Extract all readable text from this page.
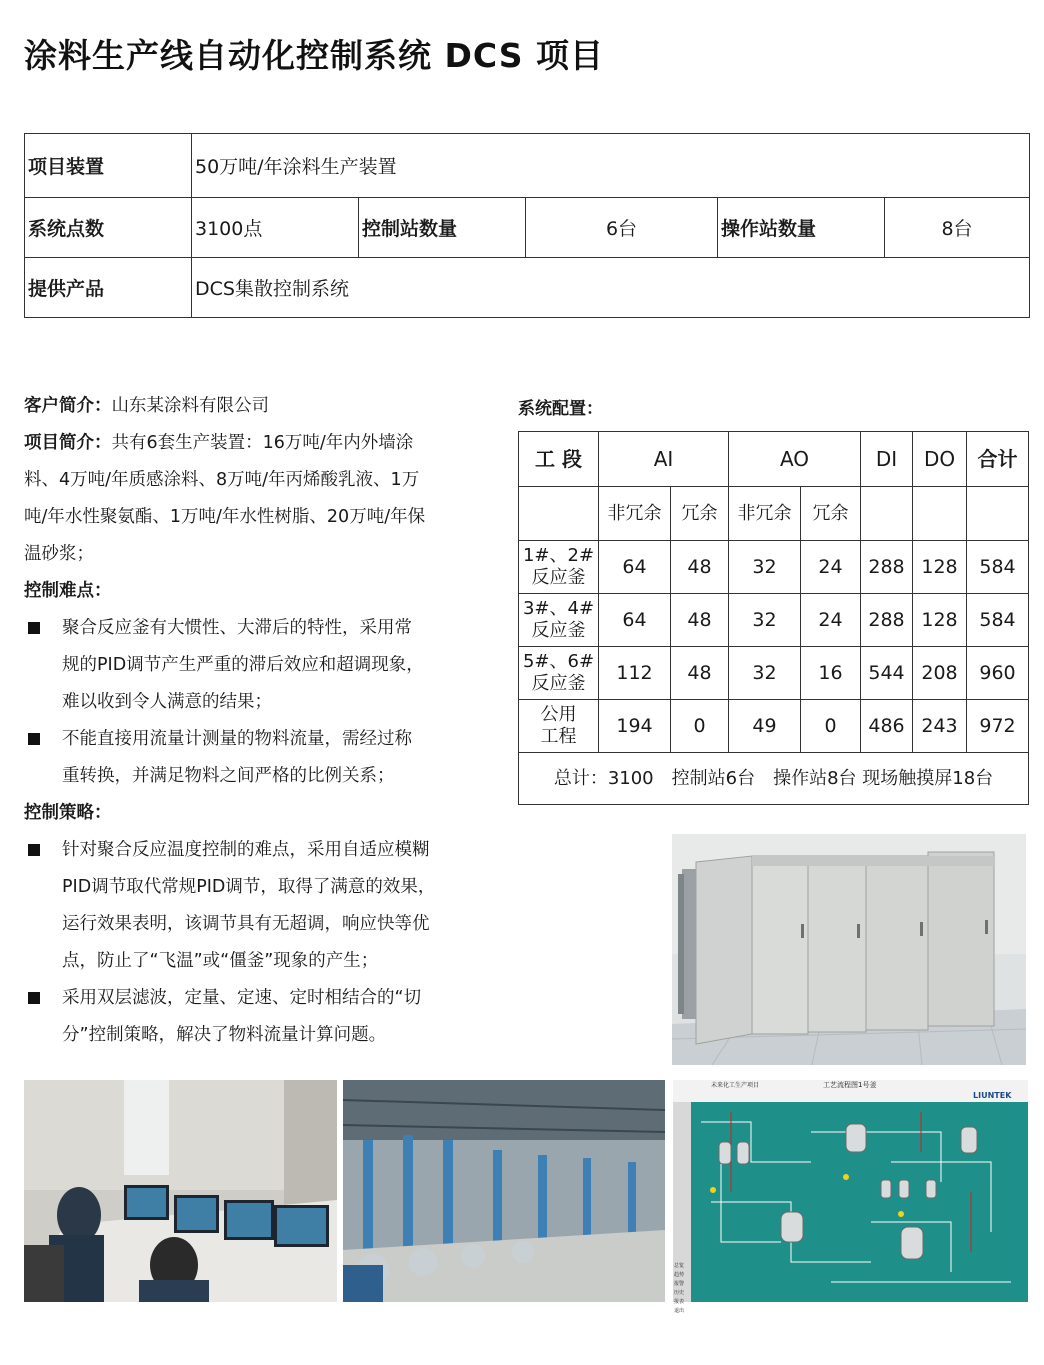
涂料生产线自动化控制系统 DCS 项目
项目装置	50万吨/年涂料生产装置				
系统点数	3100点	控制站数量	6台	操作站数量	8台
提供产品	DCS集散控制系统				

客户简介：山东某涂料有限公司

项目简介：共有6套生产装置：16万吨/年内外墙涂

料、4万吨/年质感涂料、8万吨/年丙烯酸乳液、1万

吨/年水性聚氨酯、1万吨/年水性树脂、20万吨/年保

温砂浆；

控制难点：

聚合反应釜有大惯性、大滞后的特性，采用常

规的PID调节产生严重的滞后效应和超调现象，

难以收到令人满意的结果；

不能直接用流量计测量的物料流量，需经过称

重转换，并满足物料之间严格的比例关系；

控制策略：

针对聚合反应温度控制的难点，采用自适应模糊

PID调节取代常规PID调节，取得了满意的效果，

运行效果表明，该调节具有无超调，响应快等优

点，防止了“飞温”或“僵釜”现象的产生；

采用双层滤波，定量、定速、定时相结合的“切

分”控制策略，解决了物料流量计算问题。

系统配置：
工 段	AI		AO		DI	DO	合计
	非冗余	冗余	非冗余	冗余			
1#、2#
反应釜	64	48	32	24	288	128	584
3#、4#
反应釜	64	48	32	24	288	128	584
5#、6#
反应釜	112	48	32	16	544	208	960
公用
工程	194	0	49	0	486	243	972
总计：3100　控制站6台　操作站8台 现场触摸屏18台							
未来化工生产项目	工艺流程图1号釜
LIUNTEK
总览
趋势
报警
历史
报表
退出
